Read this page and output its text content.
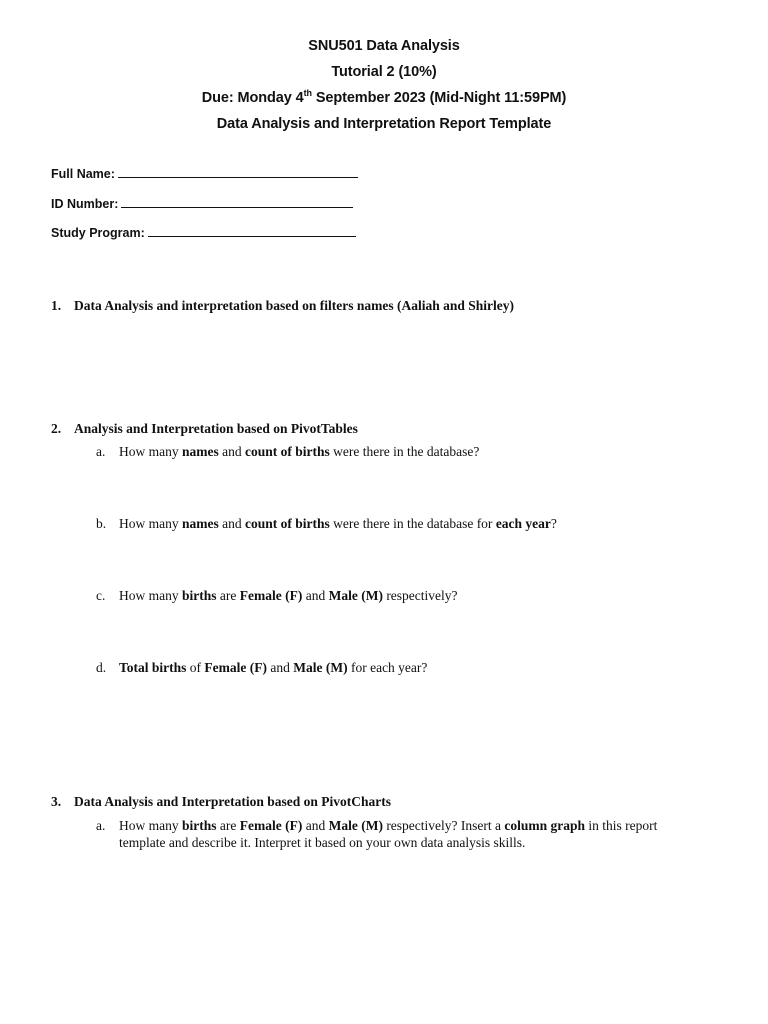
SNU501 Data Analysis
Tutorial 2 (10%)
Due: Monday 4th September 2023 (Mid-Night 11:59PM)
Data Analysis and Interpretation Report Template
Full Name:
ID Number:
Study Program:
1. Data Analysis and interpretation based on filters names (Aaliah and Shirley)
2. Analysis and Interpretation based on PivotTables
a. How many names and count of births were there in the database?
b. How many names and count of births were there in the database for each year?
c. How many births are Female (F) and Male (M) respectively?
d. Total births of Female (F) and Male (M) for each year?
3. Data Analysis and Interpretation based on PivotCharts
a. How many births are Female (F) and Male (M) respectively? Insert a column graph in this report
template and describe it. Interpret it based on your own data analysis skills.
